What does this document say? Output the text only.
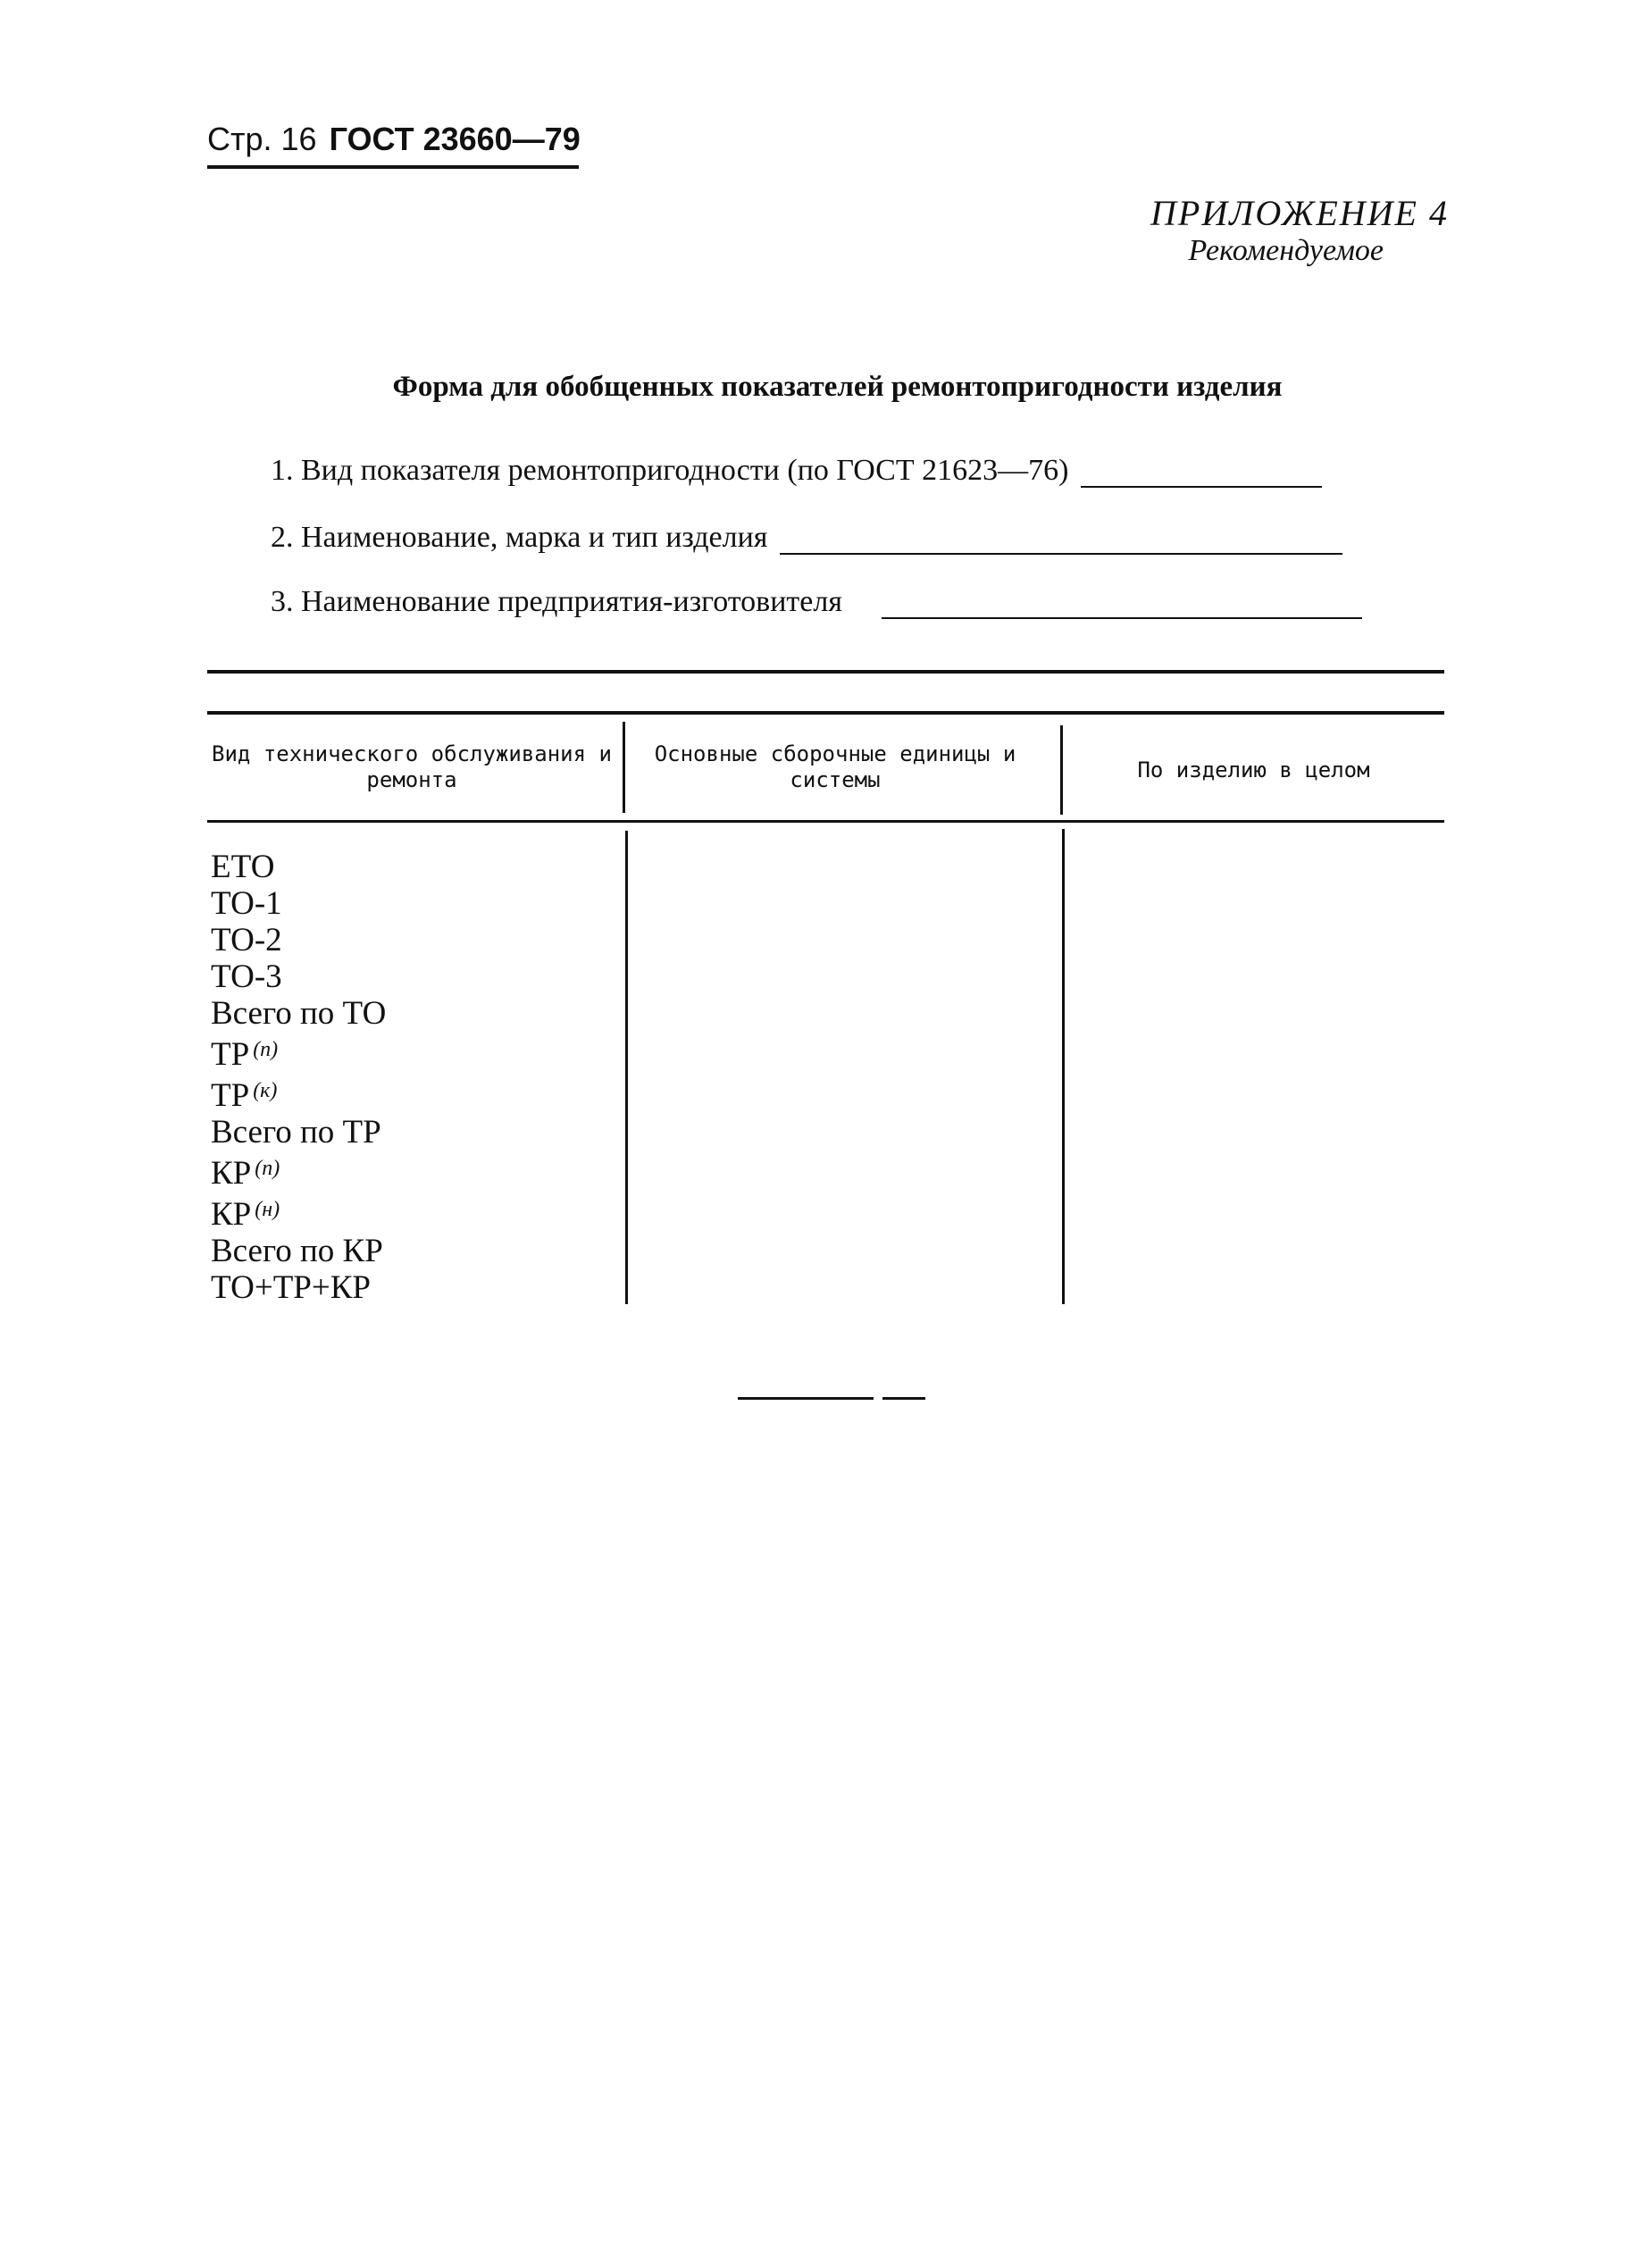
Стр. 16 ГОСТ 23660—79
ПРИЛОЖЕНИЕ 4
Рекомендуемое
Форма для обобщенных показателей ремонтопригодности изделия
1. Вид показателя ремонтопригодности (по ГОСТ 21623—76)
2. Наименование, марка и тип изделия
3. Наименование предприятия-изготовителя
Вид технического обслуживания и ремонта
Основные сборочные единицы и системы	По изделию в целом
ЕТО
ТО-1
ТО-2
ТО-3
Всего по ТО
ТР $^{(п)}$
ТР $^{(к)}$
Всего по ТР
КР $^{(п)}$
КР $^{(н)}$
Всего по КР
ТО+ТР+КР
